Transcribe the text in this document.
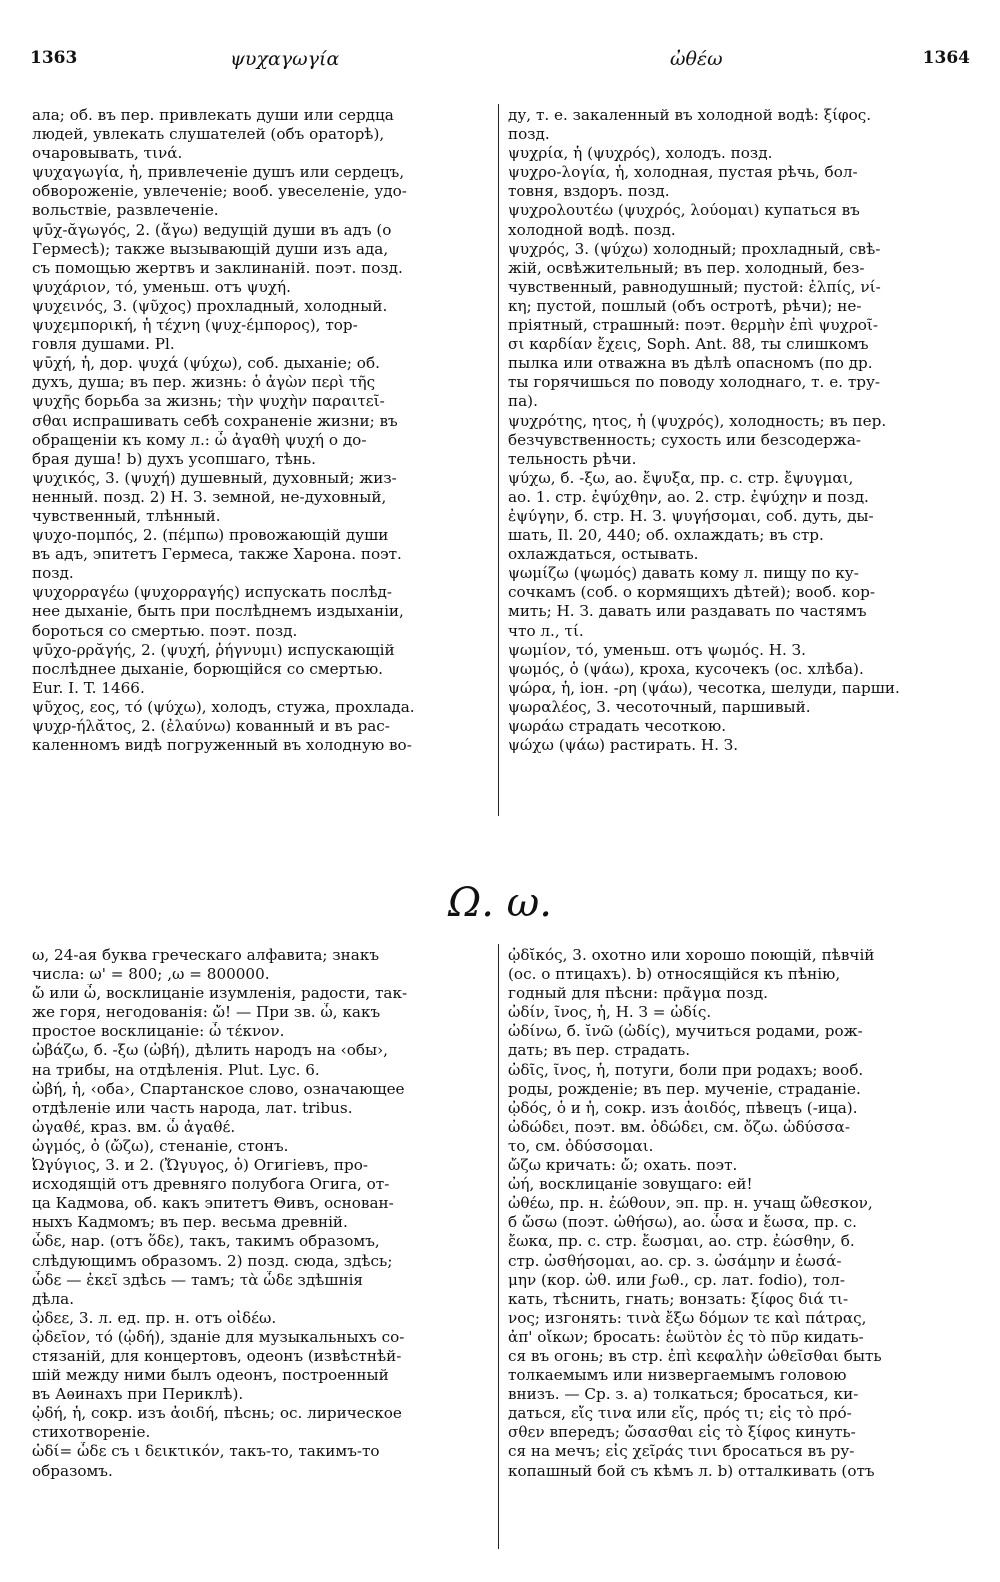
1363	ψυχαγωγία	ὠθέω	1364
ала; об. въ пер. привлекать души или сердца
людей, увлекать слушателей (объ ораторѣ),
очаровывать, τινά.
ψυχαγωγία, ἡ, привлеченіе душъ или сердецъ,
обвороженіе, увлеченіе; вооб. увеселеніе, удо-
вольствіе, развлеченіе.
ψῡχ-ᾰγωγός, 2. (ἄγω) ведущій души въ адъ (о
Гермесѣ); также вызывающій души изъ ада,
съ помощью жертвъ и заклинаній. поэт. позд.
ψυχάριον, τό, уменьш. отъ ψυχή.
ψυχεινός, 3. (ψῦχος) прохладный, холодный.
ψυχεμπορική, ἡ τέχνη (ψυχ-έμπορος), тор-
говля душами. Pl.
ψῡχή, ἡ, дор. ψυχά (ψύχω), соб. дыханіе; об.
духъ, душа; въ пер. жизнь: ὁ ἀγὼν περὶ τῆς
ψυχῆς борьба за жизнь; τὴν ψυχὴν παραιτεῖ-
σθαι испрашивать себѣ сохраненіе жизни; въ
обращеніи къ кому л.: ὦ ἀγαθὴ ψυχή о до-
брая душа! b) духъ усопшаго, тѣнь.
ψυχικός, 3. (ψυχή) душевный, духовный; жиз-
ненный. позд. 2) Н. З. земной, не-духовный,
чувственный, тлѣнный.
ψυχο-πομπός, 2. (πέμπω) провожающій души
въ адъ, эпитетъ Гермеса, также Харона. поэт.
позд.
ψυχορραγέω (ψυχορραγής) испускать послѣд-
нее дыханіе, быть при послѣднемъ издыханіи,
бороться со смертью. поэт. позд.
ψῡχο-ρρᾰγής, 2. (ψυχή, ῥήγνυμι) испускающій
послѣднее дыханіе, борющійся со смертью.
Eur. I. T. 1466.
ψῦχος, εος, τό (ψύχω), холодъ, стужа, прохлада.
ψυχρ-ήλᾰτος, 2. (ἐλαύνω) кованный и въ рас-
каленномъ видѣ погруженный въ холодную во-
ду, т. е. закаленный въ холодной водѣ: ξίφος.
позд.
ψυχρία, ἡ (ψυχρός), холодъ. позд.
ψυχρο-λογία, ἡ, холодная, пустая рѣчь, бол-
товня, вздоръ. позд.
ψυχρολουτέω (ψυχρός, λούομαι) купаться въ
холодной водѣ. позд.
ψυχρός, 3. (ψύχω) холодный; прохладный, свѣ-
жій, освѣжительный; въ пер. холодный, без-
чувственный, равнодушный; пустой: ἐλπίς, νί-
κη; пустой, пошлый (объ остротѣ, рѣчи); не-
пріятный, страшный: поэт. θερμὴν ἐπὶ ψυχροῖ-
σι καρδίαν ἔχεις, Soph. Ant. 88, ты слишкомъ
пылка или отважна въ дѣлѣ опасномъ (по др.
ты горячишься по поводу холоднаго, т. е. тру-
па).
ψυχρότης, ητος, ἡ (ψυχρός), холодность; въ пер.
безчувственность; сухость или безсодержа-
тельность рѣчи.
ψύχω, б. -ξω, ао. ἔψυξα, пр. с. стр. ἔψυγμαι,
ао. 1. стр. ἐψύχθην, ао. 2. стр. ἐψύχην и позд.
ἐψύγην, б. стр. Н. З. ψυγήσομαι, соб. дуть, ды-
шать, Il. 20, 440; об. охлаждать; въ стр.
охлаждаться, остывать.
ψωμίζω (ψωμός) давать кому л. пищу по ку-
сочкамъ (соб. о кормящихъ дѣтей); вооб. кор-
мить; Н. З. давать или раздавать по частямъ
что л., τί.
ψωμίον, τό, уменьш. отъ ψωμός. Н. З.
ψωμός, ὁ (ψάω), кроха, кусочекъ (ос. хлѣба).
ψώρα, ἡ, іон. -ρη (ψάω), чесотка, шелуди, парши.
ψωραλέος, 3. чесоточный, паршивый.
ψωράω страдать чесоткою.
ψώχω (ψάω) растирать. Н. З.
Ω. ω.
ω, 24-ая буква греческаго алфавита; знакъ
числа: ω' = 800; ,ω = 800000.
ὤ или ὦ, восклицаніе изумленія, радости, так-
же горя, негодованія: ὤ! — При зв. ὦ, какъ
простое восклицаніе: ὦ τέκνον.
ὠβάζω, б. -ξω (ὠβή), дѣлить народъ на ‹обы›,
на трибы, на отдѣленія. Plut. Lyc. 6.
ὠβή, ἡ, ‹оба›, Спартанское слово, означающее
отдѣленіе или часть народа, лат. tribus.
ὠγαθέ, краз. вм. ὦ ἀγαθέ.
ὠγμός, ὁ (ὤζω), стенаніе, стонъ.
Ὠγύγιος, 3. и 2. (Ὤγυγος, ὁ) Огигіевъ, про-
исходящій отъ древняго полубога Огига, от-
ца Кадмова, об. какъ эпитетъ Θивъ, основан-
ныхъ Кадмомъ; въ пер. весьма древній.
ὧδε, нар. (отъ ὅδε), такъ, такимъ образомъ,
слѣдующимъ образомъ. 2) позд. сюда, здѣсь;
ὧδε — ἐκεῖ здѣсь — тамъ; τὰ ὧδε здѣшнія
дѣла.
ᾠδεε, 3. л. ед. пр. н. отъ οἰδέω.
ᾠδεῖον, τό (ᾠδή), зданіе для музыкальныхъ со-
стязаній, для концертовъ, одеонъ (извѣстнѣй-
шій между ними былъ одеонъ, построенный
въ Аѳинахъ при Периклѣ).
ᾠδή, ἡ, сокр. изъ ἀοιδή, пѣснь; ос. лирическое
стихотвореніе.
ὡδί= ὧδε съ ι δεικτικόν, такъ-то, такимъ-то
образомъ.
ᾠδῐκός, 3. охотно или хорошо поющій, пѣвчій
(ос. о птицахъ). b) относящійся къ пѣнію,
годный для пѣсни: πρᾶγμα позд.
ὠδίν, ῖνος, ἡ, Н. З = ὠδίς.
ὠδίνω, б. ῐνῶ (ὠδίς), мучиться родами, рож-
дать; въ пер. страдать.
ὠδῖς, ῖνος, ἡ, потуги, боли при родахъ; вооб.
роды, рожденіе; въ пер. мученіе, страданіе.
ᾠδός, ὁ и ἡ, сокр. изъ ἀοιδός, пѣвецъ (-ица).
ὠδώδει, поэт. вм. ὀδώδει, см. ὄζω. ὠδύσσα-
το, см. ὀδύσσομαι.
ὤζω кричать: ὤ; охать. поэт.
ὠή, восклицаніе зовущаго: ей!
ὠθέω, пр. н. ἐώθουν, эп. пр. н. учащ ὤθεσκον,
б ὤσω (поэт. ὠθήσω), ао. ὦσα и ἔωσα, пр. с.
ἔωκα, пр. с. стр. ἔωσμαι, ао. стр. ἐώσθην, б.
стр. ὠσθήσομαι, ао. ср. з. ὠσάμην и ἐωσά-
μην (кор. ὠθ. или ϝωθ., ср. лат. fodio), тол-
кать, тѣснить, гнать; вонзать: ξίφος διά τι-
νος; изгонять: τινὰ ἔξω δόμων τε καὶ πάτρας,
ἀπ' οἴκων; бросать: ἑωϋτὸν ἐς τὸ πῦρ кидать-
ся въ огонь; въ стр. ἐπὶ κεφαλὴν ὠθεῖσθαι быть
толкаемымъ или низвергаемымъ головою
внизъ. — Ср. з. а) толкаться; бросаться, ки-
даться, εἴς τινα или εἴς, πρός τι; εἰς τὸ πρό-
σθεν впередъ; ὤσασθαι εἰς τὸ ξίφος кинуть-
ся на мечъ; εἰς χεῖράς τινι бросаться въ ру-
копашный бой съ кѣмъ л. b) отталкивать (отъ
